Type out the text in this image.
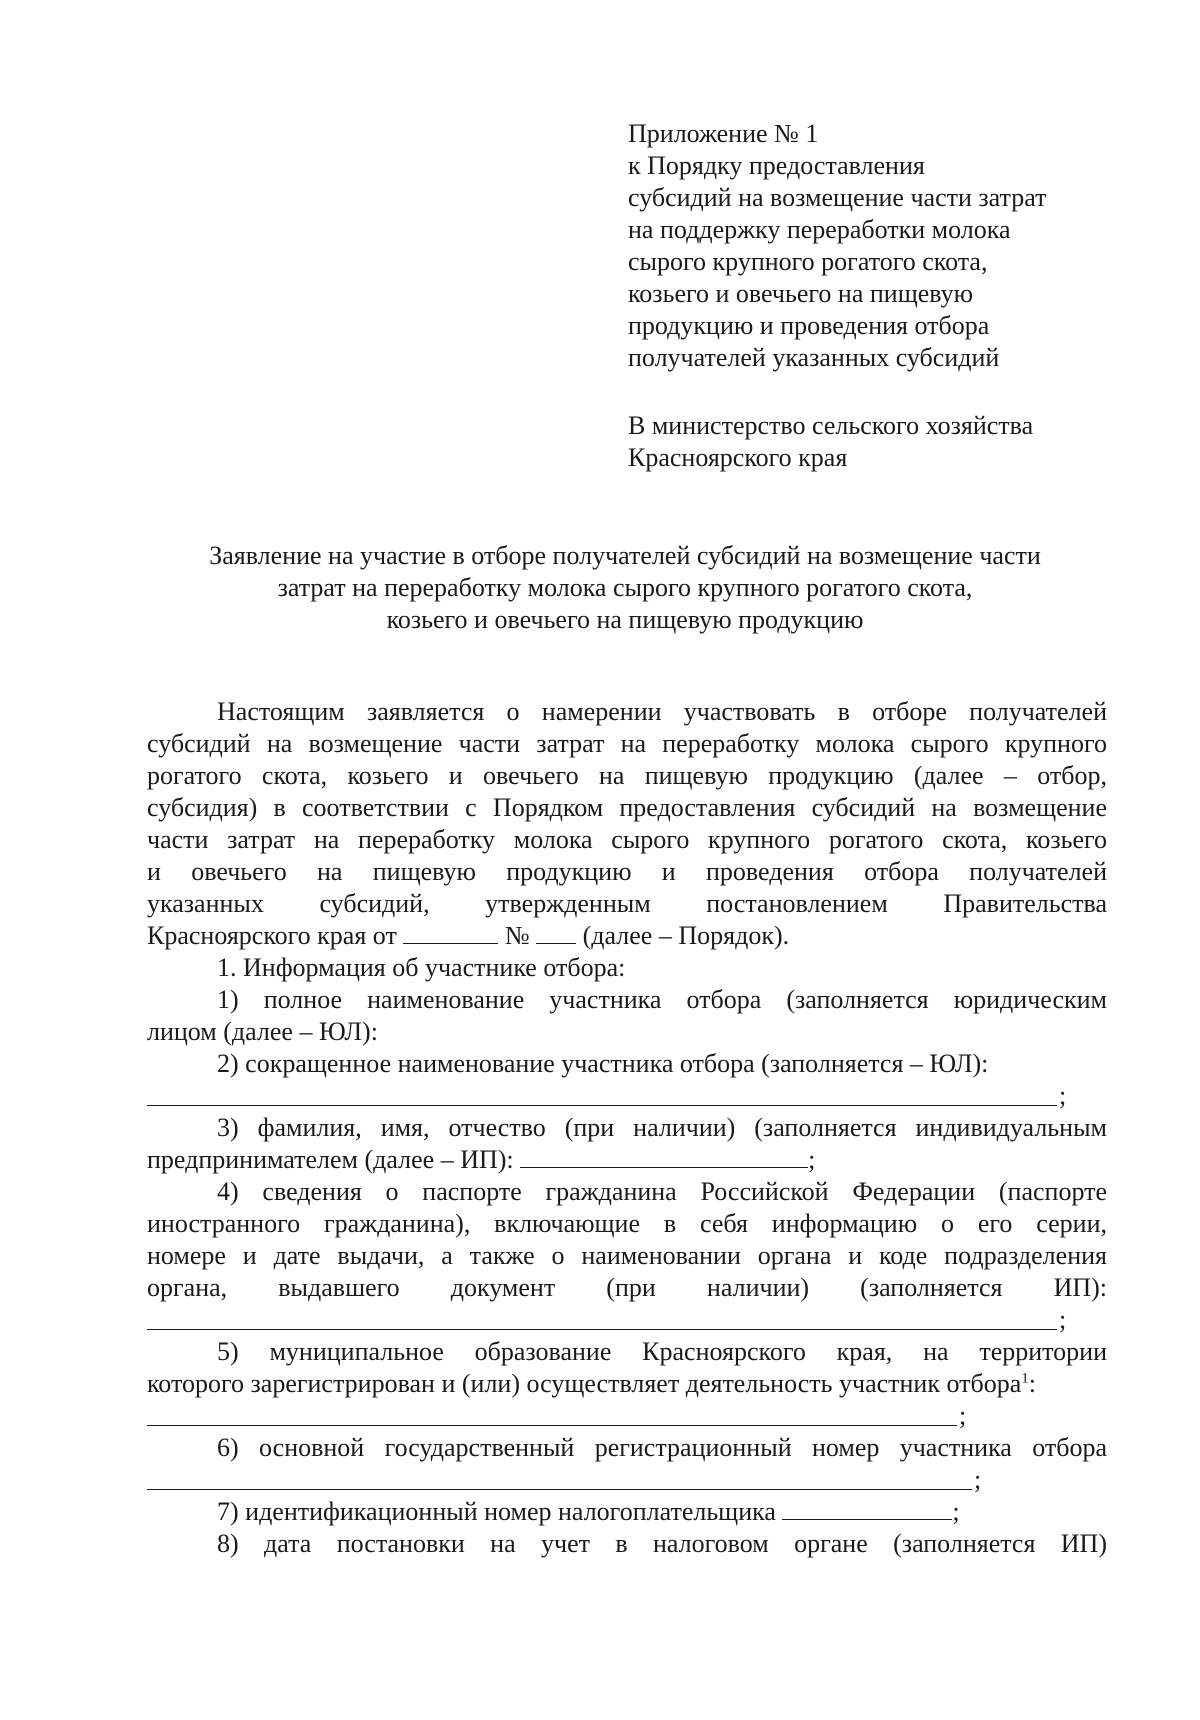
Приложение № 1
к Порядку предоставления
субсидий на возмещение части затрат
на поддержку переработки молока
сырого крупного рогатого скота,
козьего и овечьего на пищевую
продукцию и проведения отбора
получателей указанных субсидий
В министерство сельского хозяйства
Красноярского края
Заявление на участие в отборе получателей субсидий на возмещение части
затрат на переработку молока сырого крупного рогатого скота,
козьего и овечьего на пищевую продукцию
Настоящим заявляется о намерении участвовать в отборе получателей
субсидий на возмещение части затрат на переработку молока сырого крупного
рогатого скота, козьего и овечьего на пищевую продукцию (далее – отбор,
субсидия) в соответствии с Порядком предоставления субсидий на возмещение
части затрат на переработку молока сырого крупного рогатого скота, козьего
и овечьего на пищевую продукцию и проведения отбора получателей
указанных субсидий, утвержденным постановлением Правительства
Красноярского края от	№ (далее – Порядок).
1. Информация об участнике отбора:
1) полное наименование участника отбора (заполняется юридическим
лицом (далее – ЮЛ):
2) сокращенное наименование участника отбора (заполняется – ЮЛ):
;
3) фамилия, имя, отчество (при наличии) (заполняется индивидуальным
предпринимателем (далее – ИП):	;
4) сведения о паспорте гражданина Российской Федерации (паспорте
иностранного гражданина), включающие в себя информацию о его серии,
номере и дате выдачи, а также о наименовании органа и коде подразделения
органа, выдавшего документ (при наличии) (заполняется ИП):
;
5) муниципальное образование Красноярского края, на территории
которого зарегистрирован и (или) осуществляет деятельность участник отбора$^1$:
;
6) основной государственный регистрационный номер участника отбора
;
7) идентификационный номер налогоплательщика	;
8) дата постановки на учет в налоговом органе (заполняется ИП)
